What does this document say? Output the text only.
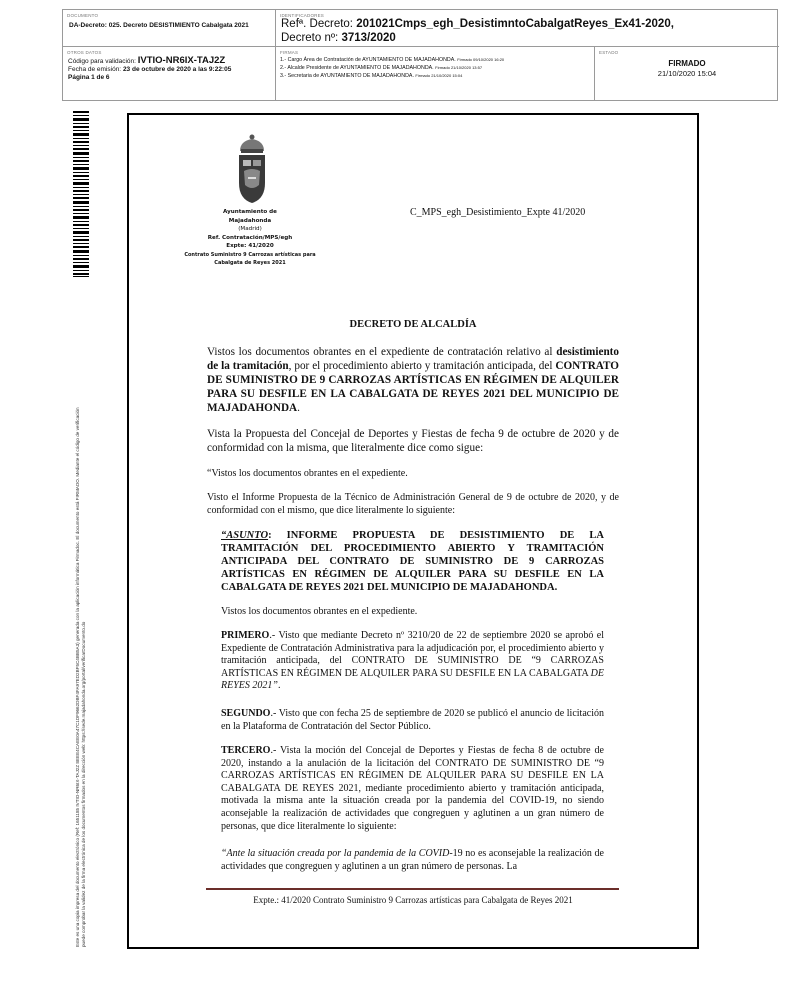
DOCUMENTO
DA-Decreto: 025. Decreto DESISTIMIENTO Cabalgata 2021
IDENTIFICADORES
Refª. Decreto: 201021Cmps_egh_DesistimntoCabalgatReyes_Ex41-2020,
Decreto nº: 3713/2020
OTROS DATOS
Código para validación: IVTIO-NR6IX-TAJ2Z
Fecha de emisión: 23 de octubre de 2020 a las 9:22:05
Página 1 de 6
FIRMAS
1.- Cargo Área de Contratación de AYUNTAMIENTO DE MAJADAHONDA. Firmado 09/10/2020 16:20
2.- Alcalde Presidente de AYUNTAMIENTO DE MAJADAHONDA. Firmado 21/10/2020 13:57
3.- Secretaria de AYUNTAMIENTO DE MAJADAHONDA. Firmado 21/10/2020 15:04
ESTADO
FIRMADO
21/10/2020 15:04
Este es una copia impresa del documento electrónico (Ref: 1651185 IVTIO-NR6IX-TAJ2Z 8EEE4CAEE0A47C1DF9662DBF4FA97ED2BF5C4BB5A3) generada con la aplicación informática Firmadoc. El documento está FIRMADO. Mediante el código de verificación puede comprobar la validez de la firma electrónica de los documentos firmados en la dirección web: https://sede.majadahonda.org/portal/verificarDocumento.do
Ayuntamiento de
Majadahonda
(Madrid)
Ref. Contratación/MPS/egh
Expte: 41/2020
Contrato Suministro 9 Carrozas artísticas para
Cabalgata de Reyes 2021
C_MPS_egh_Desistimiento_Expte 41/2020
DECRETO DE ALCALDÍA
Vistos los documentos obrantes en el expediente de contratación relativo al desistimiento de la tramitación, por el procedimiento abierto y tramitación anticipada, del CONTRATO DE SUMINISTRO DE 9 CARROZAS ARTÍSTICAS EN RÉGIMEN DE ALQUILER PARA SU DESFILE EN LA CABALGATA DE REYES 2021 DEL MUNICIPIO DE MAJADAHONDA.
Vista la Propuesta del Concejal de Deportes y Fiestas de fecha 9 de octubre de 2020 y de conformidad con la misma, que literalmente dice como sigue:
“Vistos los documentos obrantes en el expediente.
Visto el Informe Propuesta de la Técnico de Administración General de 9 de octubre de 2020, y de conformidad con el mismo, que dice literalmente lo siguiente:
“ASUNTO: INFORME PROPUESTA DE DESISTIMIENTO DE LA TRAMITACIÓN DEL PROCEDIMIENTO ABIERTO Y TRAMITACIÓN ANTICIPADA DEL CONTRATO DE SUMINISTRO DE 9 CARROZAS ARTÍSTICAS EN RÉGIMEN DE ALQUILER PARA SU DESFILE EN LA CABALGATA DE REYES 2021 DEL MUNICIPIO DE MAJADAHONDA.
Vistos los documentos obrantes en el expediente.
PRIMERO.- Visto que mediante Decreto nº 3210/20 de 22 de septiembre 2020 se aprobó el Expediente de Contratación Administrativa para la adjudicación por, el procedimiento abierto y tramitación anticipada, del CONTRATO DE SUMINISTRO DE “9 CARROZAS ARTÍSTICAS EN RÉGIMEN DE ALQUILER PARA SU DESFILE EN LA CABALGATA DE REYES 2021”.
SEGUNDO.- Visto que con fecha 25 de septiembre de 2020 se publicó el anuncio de licitación en la Plataforma de Contratación del Sector Público.
TERCERO.- Vista la moción del Concejal de Deportes y Fiestas de fecha 8 de octubre de 2020, instando a la anulación de la licitación del CONTRATO DE SUMINISTRO DE “9 CARROZAS ARTÍSTICAS EN RÉGIMEN DE ALQUILER PARA SU DESFILE EN LA CABALGATA DE REYES 2021, mediante procedimiento abierto y tramitación anticipada, motivada la misma ante la situación creada por la pandemia del COVID-19, no siendo aconsejable la realización de actividades que congreguen y aglutinen a un gran número de personas, que dice literalmente lo siguiente:
“Ante la situación creada por la pandemia de la COVID-19 no es aconsejable la realización de actividades que congreguen y aglutinen a un gran número de personas. La
Expte.: 41/2020 Contrato Suministro 9 Carrozas artísticas para Cabalgata de Reyes 2021
